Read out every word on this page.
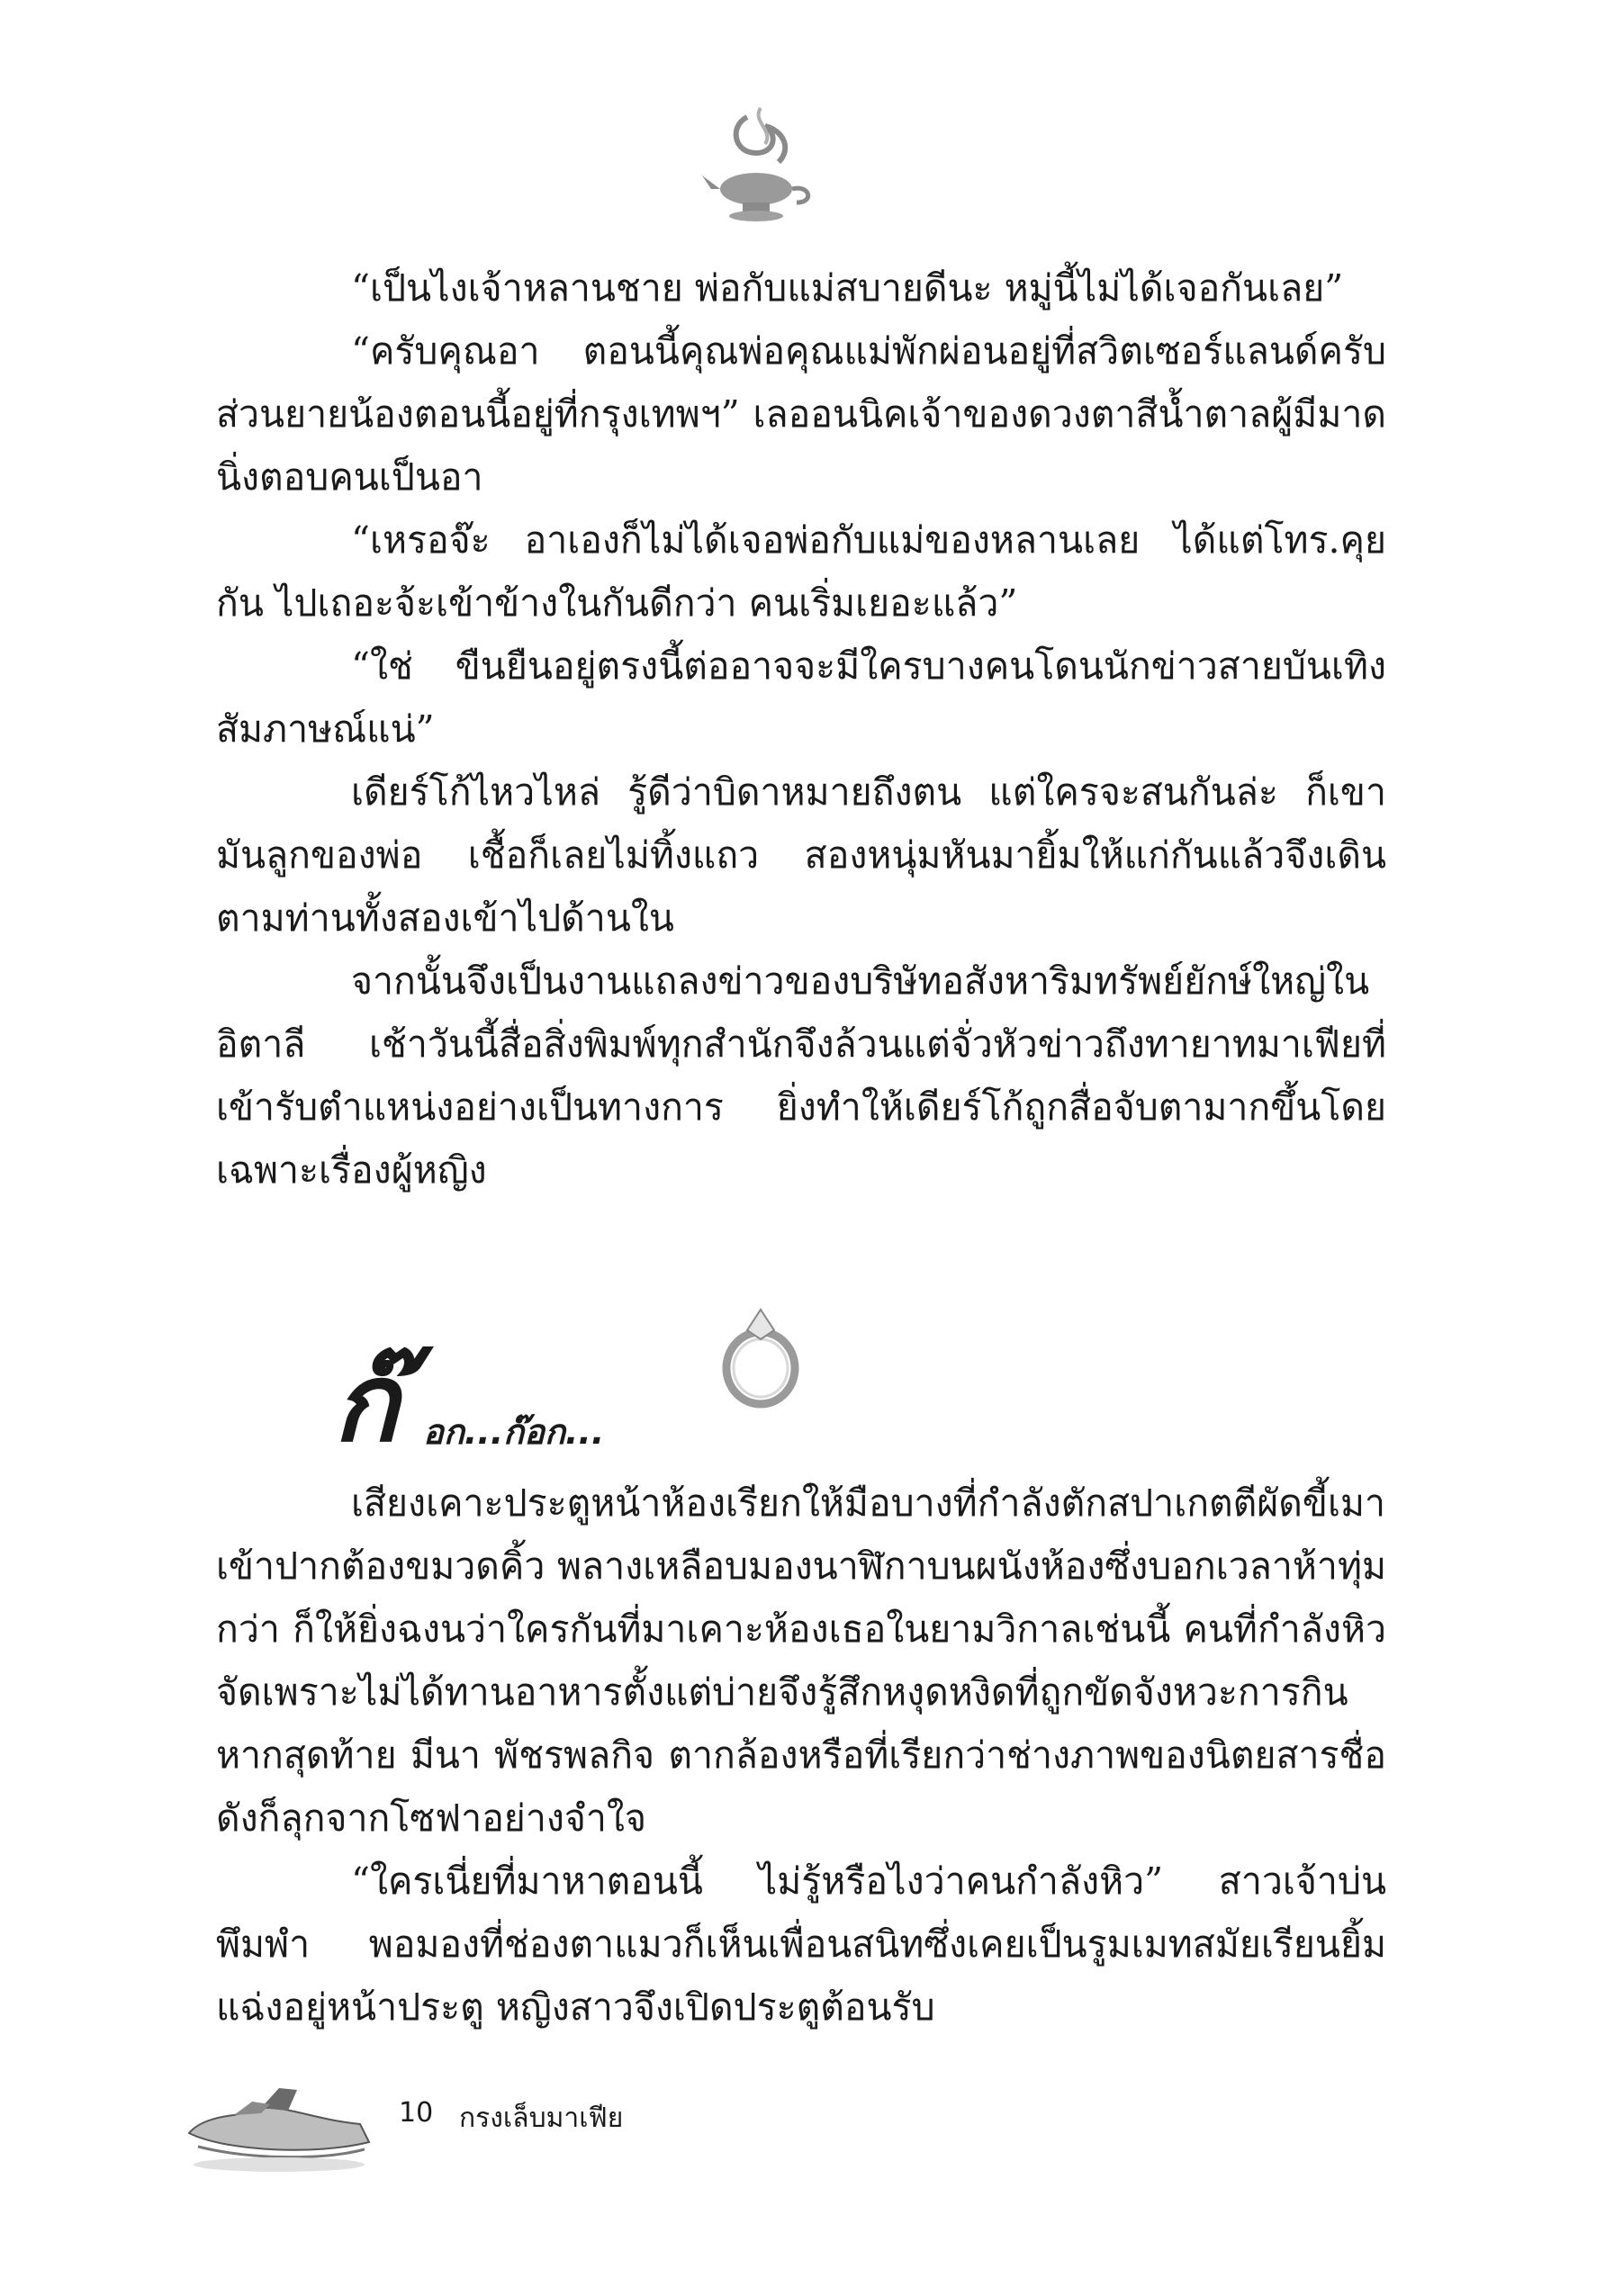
“เป็นไงเจ้าหลานชาย พ่อกับแม่สบายดีนะ หมู่นี้ไม่ได้เจอกันเลย”

“ครับคุณอา ตอนนี้คุณพ่อคุณแม่พักผ่อนอยู่ที่สวิตเซอร์แลนด์ครับ ส่วนยายน้องตอนนี้อยู่ที่กรุงเทพฯ” เลออนนิคเจ้าของดวงตาสีน้ำตาลผู้มีมาดนิ่งตอบคนเป็นอา

“เหรอจ๊ะ อาเองก็ไม่ได้เจอพ่อกับแม่ของหลานเลย ได้แต่โทร.คุยกัน ไปเถอะจ้ะเข้าข้างในกันดีกว่า คนเริ่มเยอะแล้ว”

“ใช่ ขืนยืนอยู่ตรงนี้ต่ออาจจะมีใครบางคนโดนนักข่าวสายบันเทิงสัมภาษณ์แน่”

เดียร์โก้ไหวไหล่ รู้ดีว่าบิดาหมายถึงตน แต่ใครจะสนกันล่ะ ก็เขามันลูกของพ่อ เชื้อก็เลยไม่ทิ้งแถว สองหนุ่มหันมายิ้มให้แก่กันแล้วจึงเดินตามท่านทั้งสองเข้าไปด้านใน

จากนั้นจึงเป็นงานแถลงข่าวของบริษัทอสังหาริมทรัพย์ยักษ์ใหญ่ในอิตาลี เช้าวันนี้สื่อสิ่งพิมพ์ทุกสำนักจึงล้วนแต่จั่วหัวข่าวถึงทายาทมาเฟียที่เข้ารับตำแหน่งอย่างเป็นทางการ ยิ่งทำให้เดียร์โก้ถูกสื่อจับตามากขึ้นโดยเฉพาะเรื่องผู้หญิง

ก๊ อก...ก๊อก...

เสียงเคาะประตูหน้าห้องเรียกให้มือบางที่กำลังตักสปาเกตตีผัดขี้เมาเข้าปากต้องขมวดคิ้ว พลางเหลือบมองนาฬิกาบนผนังห้องซึ่งบอกเวลาห้าทุ่มกว่า ก็ให้ยิ่งฉงนว่าใครกันที่มาเคาะห้องเธอในยามวิกาลเช่นนี้ คนที่กำลังหิวจัดเพราะไม่ได้ทานอาหารตั้งแต่บ่ายจึงรู้สึกหงุดหงิดที่ถูกขัดจังหวะการกิน หากสุดท้าย มีนา พัชรพลกิจ ตากล้องหรือที่เรียกว่าช่างภาพของนิตยสารชื่อดังก็ลุกจากโซฟาอย่างจำใจ

“ใครเนี่ยที่มาหาตอนนี้ ไม่รู้หรือไงว่าคนกำลังหิว” สาวเจ้าบ่นพึมพำ พอมองที่ช่องตาแมวก็เห็นเพื่อนสนิทซึ่งเคยเป็นรูมเมทสมัยเรียนยิ้มแฉ่งอยู่หน้าประตู หญิงสาวจึงเปิดประตูต้อนรับ

10 กรงเล็บมาเฟีย
